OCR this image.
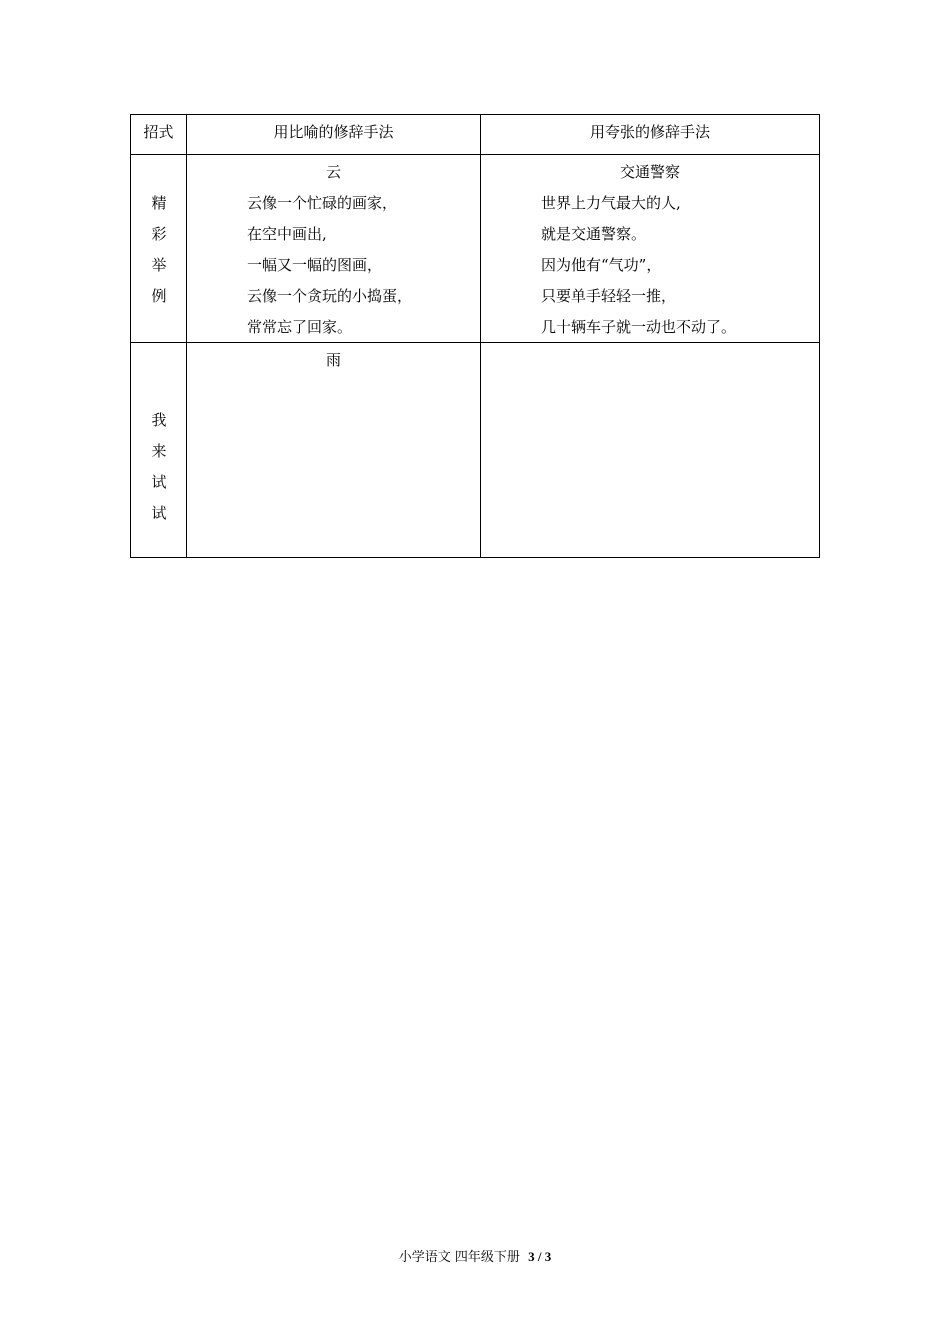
招式	用比喻的修辞手法	用夸张的修辞手法
精
彩
举
例
云
云像一个忙碌的画家，
在空中画出,
一幅又一幅的图画，
云像一个贪玩的小捣蛋，
常常忘了回家。
交通警察
世界上力气最大的人,
就是交通警察。
因为他有“气功”，
只要单手轻轻一推，
几十辆车子就一动也不动了。
我
来
试
试
雨
小学语文 四年级下册 3 / 3
